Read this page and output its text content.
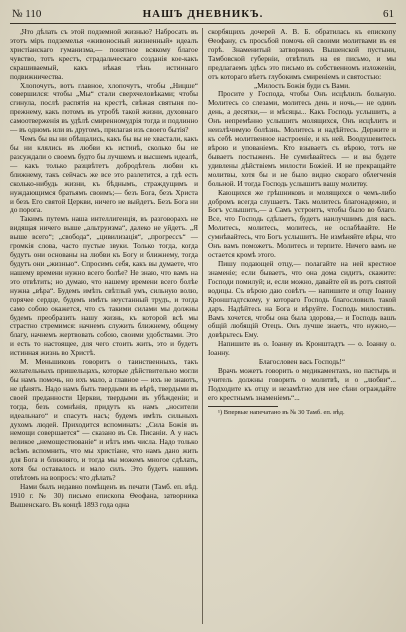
№ 110	НАШЪ ДНЕВНИКЪ.	61

„Что дѣлать съ этой подземной жизнью? Набросать въ этотъ міръ подземелья «живоносный жизненный» идеалъ христіанскаго гуманизма,— понятное всякому благое чувство, тотъ крестъ, страдальческаго созданія кое-какъ скрашиваемый, какъ нѣкая тѣнь истиннаго подвижничества.

Хлопочутъ, вотъ главное, хлопочутъ, чтобы „Ницше“ совершился: чтобы „Мы“ стали сверхчеловѣками; чтобы сгинула, послѣ распятія на крестѣ, свѣжая святыня по-прежнему, какъ потомъ въ утробѣ такой жизни, духовнаго самоотверженія въ удѣлѣ смиренномудрія тогда и подлинно — въ одномъ или въ другомъ, прилагая изъ своего бытія?

Чемъ бы вы ни обѣщались, какъ бы вы не хвастали, какъ бы ни клялись въ любви къ истинѣ, сколько бы не разсуждали о своемъ будто бы лучшемъ и высшемъ идеалѣ,— какъ только разцвѣтетъ добродѣтель любви къ ближнему, такъ сейчасъ же все это разлетится, а гдѣ есть сколько-нибудь жизни, къ бѣднымъ, страждущимъ и нуждающимся братьямъ своимъ;— безъ Бога, безъ Христа и безъ Его святой Церкви, ничего не выйдетъ. Безъ Бога ни до порога.

Такимъ путемъ наша интеллигенція, въ разговорахъ не видящая ничего выше „альтруизма“, далеко не уйдетъ. „Я выше всего“; „свобода“, „цивилизація“, „прогрессъ“ — громкія слова, часто пустые звуки. Только тогда, когда будутъ они основаны на любви къ Богу и ближнему, тогда будутъ они „жизнью“. Спросимъ себя, какъ вы думаете, что нашему времени нужно всего болѣе? Не знаю, что вамъ на это отвѣтить; но думаю, что нашему времени всего болѣе нужна „вѣра“. Будемъ имѣть свѣтлый умъ, сильную волю, горячее сердце, будемъ имѣть неустанный трудъ, и тогда само собою окажется, что съ такими силами мы должны будемъ преобразить нашу жизнь, къ которой всѣ мы страстно стремимся: начнемъ служить ближнему, общему благу, начнемъ жертвовать собою, своими удобствами. Это и есть то настоящее, для чего стоить жить, это и будетъ истинная жизнь во Христѣ.

М. Меньшиковъ говоритъ о таинственныхъ, такъ желательныхъ пришельцахъ, которые дѣйствительно могли бы намъ помочь, но ихъ мало, а главное — ихъ не знаютъ, не цѣнятъ. Надо намъ быть твердыми въ вѣрѣ, твердыми въ своей преданности Церкви, твердыми въ убѣжденіи; и тогда, безъ сомнѣнія, придутъ къ намъ „носители идеальнаго“ и спасутъ насъ; будемъ имѣть сильныхъ духомъ людей. Приходится вспоминать: „Сила Божія въ немощи совершается“ — сказано въ Св. Писаніи. А у насъ великое „немоществованіе“ и нѣтъ имъ числа. Надо только всѣмъ вспомнить, что мы христіане, что намъ дано жить для Бога и ближняго, и тогда мы можемъ многое сдѣлать, хотя бы оставалось и мало силъ. Это будетъ нашимъ отвѣтомъ на вопросъ: что дѣлать?

Нами былъ недавно помѣщенъ въ печати (Тамб. еп. вѣд. 1910 г. № 30) письмо епископа Ѳеофана, затворника Вышенскаго. Въ концѣ 1893 года одна

скорбящихъ дочерей А. В. Б. обратилась къ епископу Ѳеофану, съ просьбой помочь ей своими молитвами въ ея горѣ. Знаменитый затворникъ Вышенской пустыни, Тамбовской губерніи, отвѣтилъ на ея письмо, и мы предлагаемъ здѣсь это письмо въ собственномъ изложеніи, отъ котораго вѣетъ глубокимъ смиреніемъ и святостью:

„Милость Божія буди съ Вами.

Просите у Господа, чтобы Онъ исцѣлилъ больную. Молитесь со слезами, молитесь день и ночь,— не одинъ день, а десятки,— и мѣсяцы... Какъ Господь услышитъ, а Онъ непремѣнно услышитъ молящихся, Онъ исцѣлитъ и неизлѣчимую болѣзнь. Молитесь и надѣйтесь. Держите и къ себѣ молитвенное настроеніе, и къ ней. Воодушевитесь вѣрою и упованіемъ. Кто взываетъ съ вѣрою, тотъ не бываетъ постыженъ. Не сумнѣвайтесь — и вы будете удивлены дѣйствіемъ милости Божіей. И не прекращайте молитвы, хотя бы и не было видно скораго облегченія больной. И тогда Господь услышитъ вашу молитву.

Кающихся же грѣшниковъ и молящихся о чемъ-либо добромъ всегда слушаетъ. Такъ молитесь благонадежно, и Богъ услышитъ,— а Самъ устроитъ, чтобы было во благо. Все, что Господь сдѣлаетъ, будетъ наилучшимъ для васъ. Молитесь, молитесь, молитесь, не ослабѣвайте. Не сумнѣвайтесь, что Богъ услышитъ. Не измѣняйте вѣры, что Онъ вамъ поможетъ. Молитесь и терпите. Ничего вамъ не остается кромѣ этого.

Пишу подающей отцу,— полагайте на ней крестное знаменіе; если бываетъ, что она дома сидитъ, скажите: Господи помилуй; и, если можно, давайте ей въ ротъ святой водицы. Съ вѣрою даю совѣтъ — напишите и отцу Іоанну Кронштадтскому, у котораго Господь благословилъ такой даръ. Надѣйтесь на Бога и вѣруйте. Господь милостивъ. Вамъ хочется, чтобы она была здорова,— и Господь вашъ общій любящій Отецъ. Онъ лучше знаетъ, что нужно,— довѣрьтесь Ему.

Напишите въ о. Іоанну въ Кронштадтъ — о. Іоанну о. Іоанну.

Благословен вась Господь!“

Врачъ можетъ говорить о медикаментахъ, но пастырь и учитель должны говорить о молитвѣ, и о „любви“... Подходите къ отцу и незамѣтно для нее сѣни ограждайте его крестнымъ знаменіемъ“...

¹) Впервые напечатано въ № 30 Тамб. еп. вѣд.
